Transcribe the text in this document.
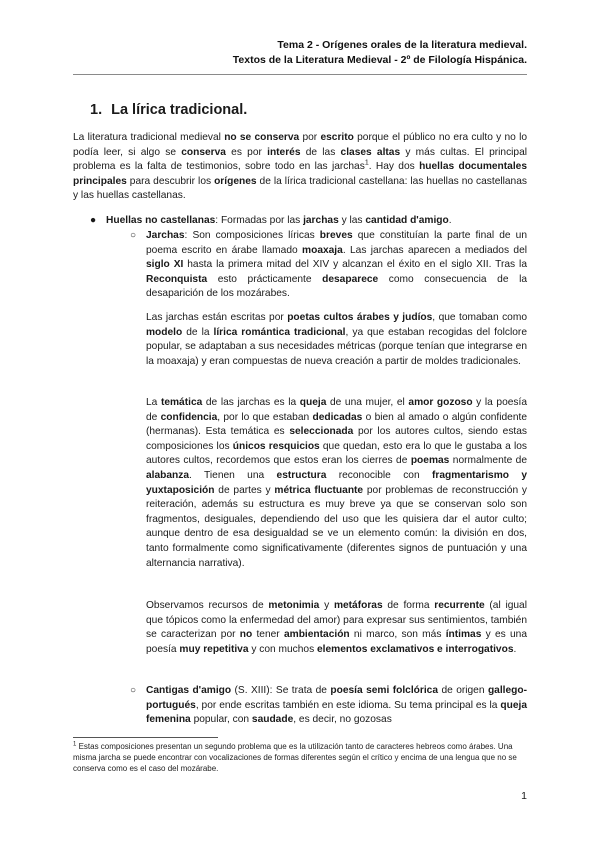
Tema 2 - Orígenes orales de la literatura medieval.
Textos de la Literatura Medieval - 2º de Filología Hispánica.
1. La lírica tradicional.
La literatura tradicional medieval no se conserva por escrito porque el público no era culto y no lo podía leer, si algo se conserva es por interés de las clases altas y más cultas. El principal problema es la falta de testimonios, sobre todo en las jarchas$^1$. Hay dos huellas documentales principales para descubrir los orígenes de la lírica tradicional castellana: las huellas no castellanas y las huellas castellanas.
● Huellas no castellanas: Formadas por las jarchas y las cantidad d'amigo.
○ Jarchas: Son composiciones líricas breves que constituían la parte final de un poema escrito en árabe llamado moaxaja. Las jarchas aparecen a mediados del siglo XI hasta la primera mitad del XIV y alcanzan el éxito en el siglo XII. Tras la Reconquista esto prácticamente desaparece como consecuencia de la desaparición de los mozárabes.
Las jarchas están escritas por poetas cultos árabes y judíos, que tomaban como modelo de la lírica romántica tradicional, ya que estaban recogidas del folclore popular, se adaptaban a sus necesidades métricas (porque tenían que integrarse en la moaxaja) y eran compuestas de nueva creación a partir de moldes tradicionales.
La temática de las jarchas es la queja de una mujer, el amor gozoso y la poesía de confidencia, por lo que estaban dedicadas o bien al amado o algún confidente (hermanas). Esta temática es seleccionada por los autores cultos, siendo estas composiciones los únicos resquicios que quedan, esto era lo que le gustaba a los autores cultos, recordemos que estos eran los cierres de poemas normalmente de alabanza. Tienen una estructura reconocible con fragmentarismo y yuxtaposición de partes y métrica fluctuante por problemas de reconstrucción y reiteración, además su estructura es muy breve ya que se conservan solo son fragmentos, desiguales, dependiendo del uso que les quisiera dar el autor culto; aunque dentro de esa desigualdad se ve un elemento común: la división en dos, tanto formalmente como significativamente (diferentes signos de puntuación y una alternancia narrativa).
Observamos recursos de metonimia y metáforas de forma recurrente (al igual que tópicos como la enfermedad del amor) para expresar sus sentimientos, también se caracterizan por no tener ambientación ni marco, son más íntimas y es una poesía muy repetitiva y con muchos elementos exclamativos e interrogativos.
○ Cantigas d'amigo (S. XIII): Se trata de poesía semi folclórica de origen gallego-portugués, por ende escritas también en este idioma. Su tema principal es la queja femenina popular, con saudade, es decir, no gozosas
$^1$ Estas composiciones presentan un segundo problema que es la utilización tanto de caracteres hebreos como árabes. Una misma jarcha se puede encontrar con vocalizaciones de formas diferentes según el crítico y encima de una lengua que no se conserva como es el caso del mozárabe.
1
